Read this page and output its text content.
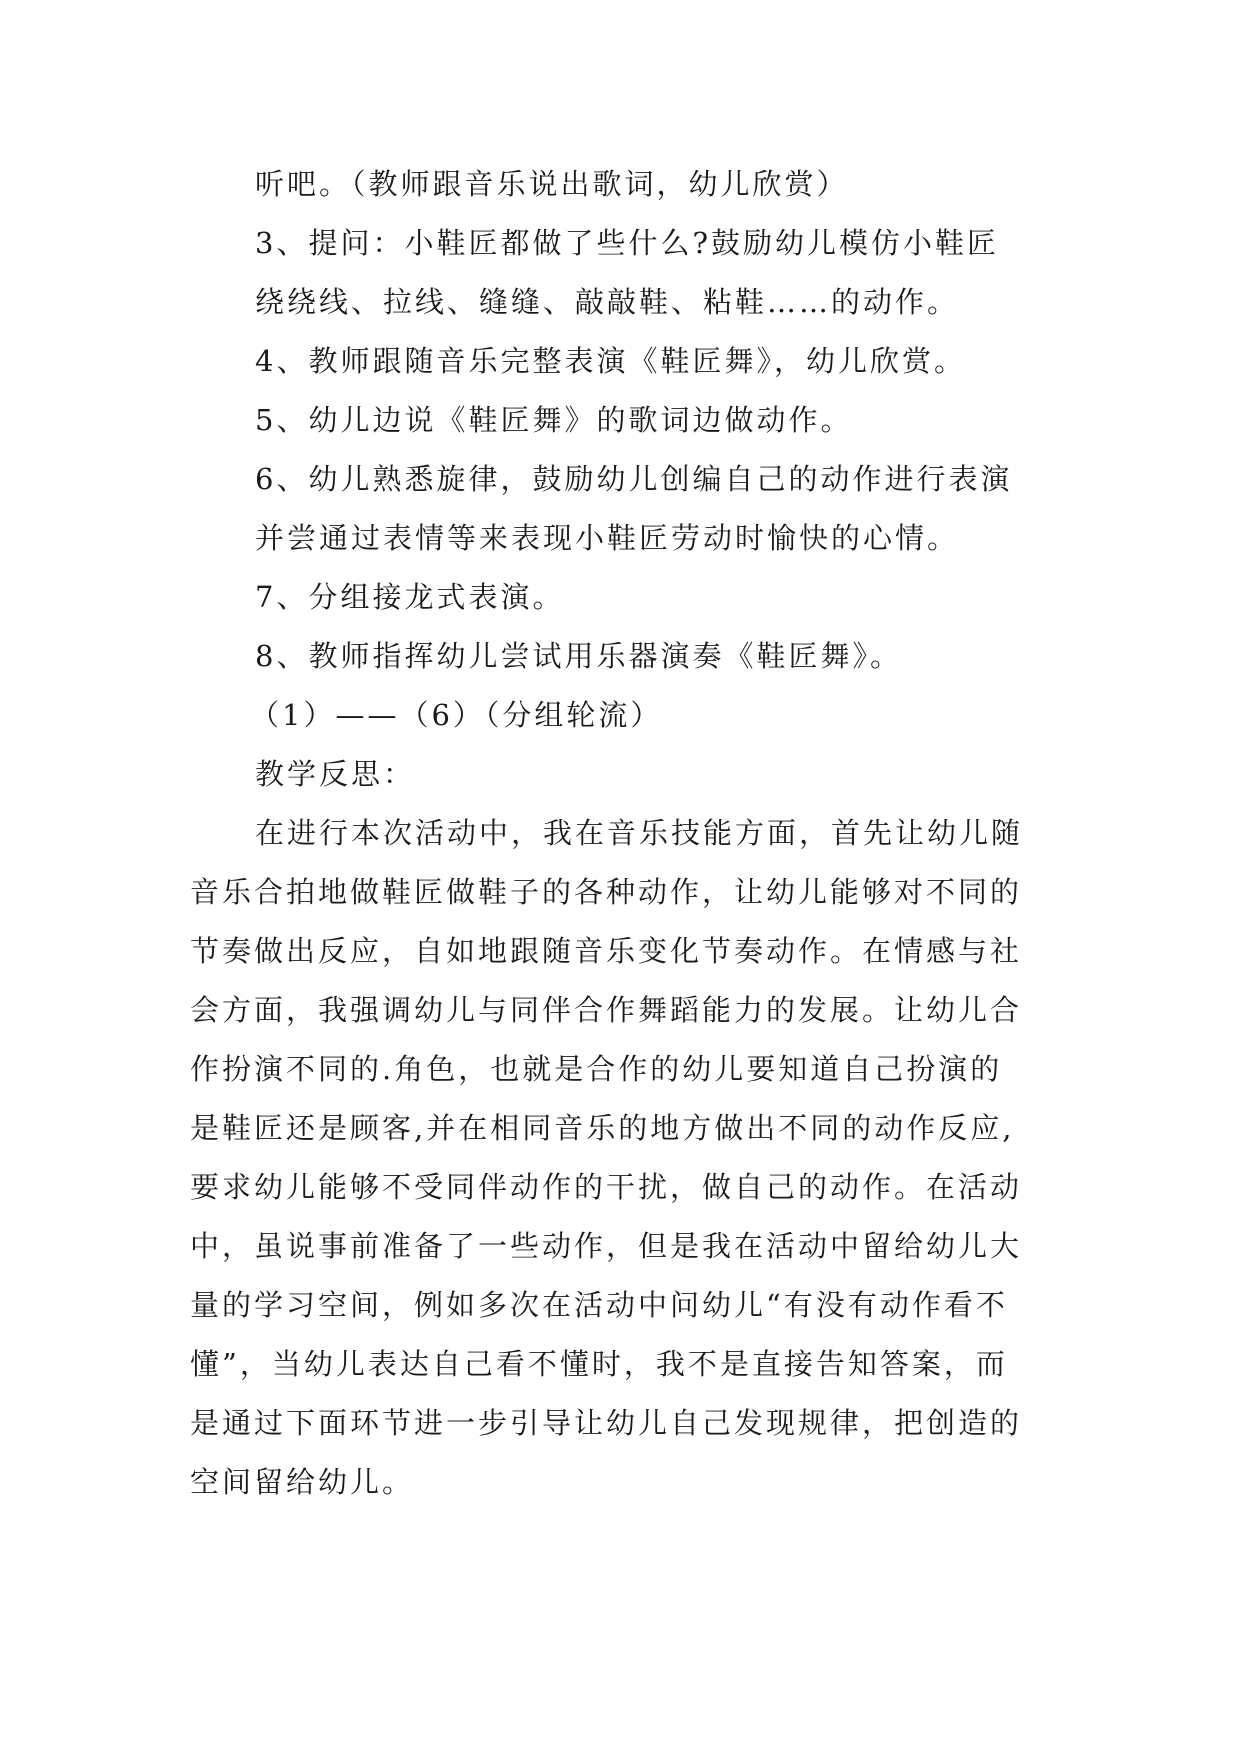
听吧。（教师跟音乐说出歌词，幼儿欣赏）
3、提问：小鞋匠都做了些什么?鼓励幼儿模仿小鞋匠
绕绕线、拉线、缝缝、敲敲鞋、粘鞋……的动作。
4、教师跟随音乐完整表演《鞋匠舞》，幼儿欣赏。
5、幼儿边说《鞋匠舞》的歌词边做动作。
6、幼儿熟悉旋律，鼓励幼儿创编自己的动作进行表演
并尝通过表情等来表现小鞋匠劳动时愉快的心情。
7、分组接龙式表演。
8、教师指挥幼儿尝试用乐器演奏《鞋匠舞》。
（1）——（6）（分组轮流）
教学反思：
在进行本次活动中，我在音乐技能方面，首先让幼儿随
音乐合拍地做鞋匠做鞋子的各种动作，让幼儿能够对不同的
节奏做出反应，自如地跟随音乐变化节奏动作。在情感与社
会方面，我强调幼儿与同伴合作舞蹈能力的发展。让幼儿合
作扮演不同的.角色，也就是合作的幼儿要知道自己扮演的
是鞋匠还是顾客,并在相同音乐的地方做出不同的动作反应,
要求幼儿能够不受同伴动作的干扰，做自己的动作。在活动
中，虽说事前准备了一些动作，但是我在活动中留给幼儿大
量的学习空间，例如多次在活动中问幼儿“有没有动作看不
懂”，当幼儿表达自己看不懂时，我不是直接告知答案，而
是通过下面环节进一步引导让幼儿自己发现规律，把创造的
空间留给幼儿。
